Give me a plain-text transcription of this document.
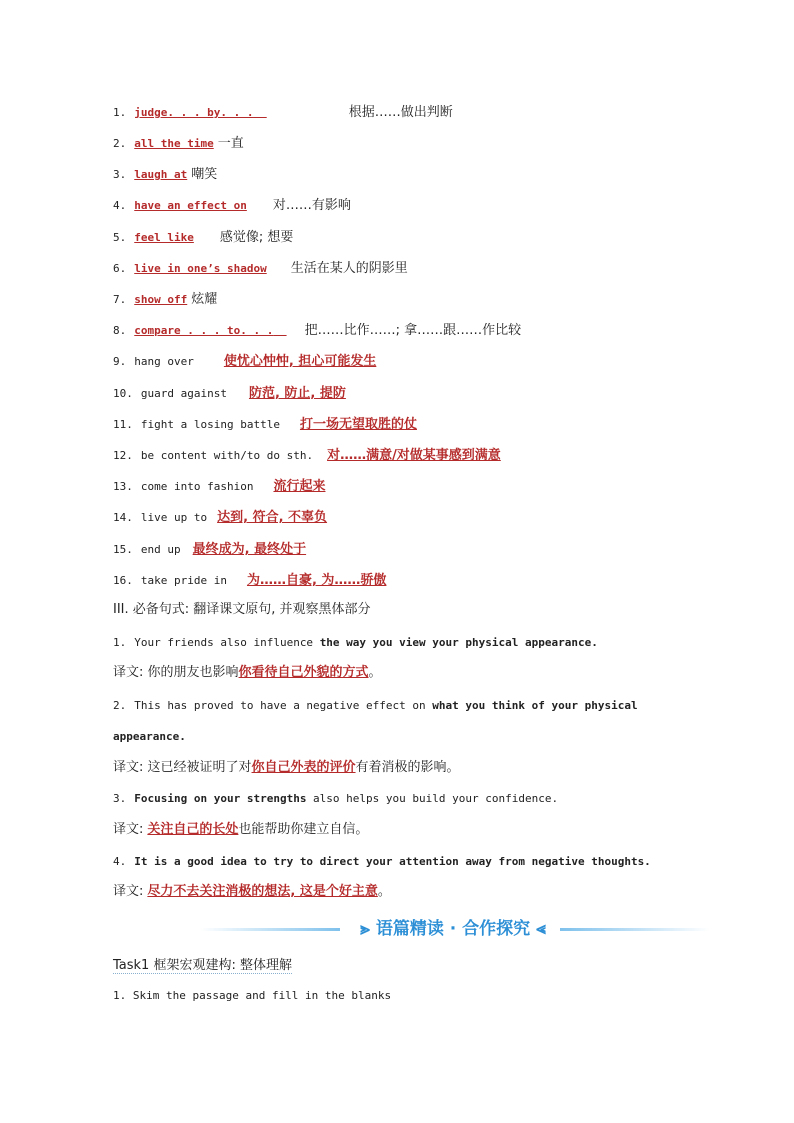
1. judge. . . by. . .	根据……做出判断
2. all the time 一直
3. laugh at 嘲笑
4. have an effect on 对……有影响
5. feel like 感觉像; 想要
6. live in one’s shadow 生活在某人的阴影里
7. show off 炫耀
8. compare . . . to. . . 把……比作……; 拿……跟……作比较
9. hang over 使忧心忡忡, 担心可能发生
10. guard against 防范, 防止, 提防
11. fight a losing battle 打一场无望取胜的仗
12. be content with/to do sth. 对……满意/对做某事感到满意
13. come into fashion 流行起来
14. live up to 达到, 符合, 不辜负
15. end up 最终成为, 最终处于
16. take pride in 为……自豪, 为……骄傲
III. 必备句式: 翻译课文原句, 并观察黑体部分
1. Your friends also influence the way you view your physical appearance.
译文: 你的朋友也影响你看待自己外貌的方式。
2. This has proved to have a negative effect on what you think of your physical
appearance.
译文: 这已经被证明了对你自己外表的评价有着消极的影响。
3. Focusing on your strengths also helps you build your confidence.
译文: 关注自己的长处也能帮助你建立自信。
4. It is a good idea to try to direct your attention away from negative thoughts.
译文: 尽力不去关注消极的想法, 这是个好主意。
⪢ 语篇精读 · 合作探究 ⪡
Task1 框架宏观建构: 整体理解
1. Skim the passage and fill in the blanks
